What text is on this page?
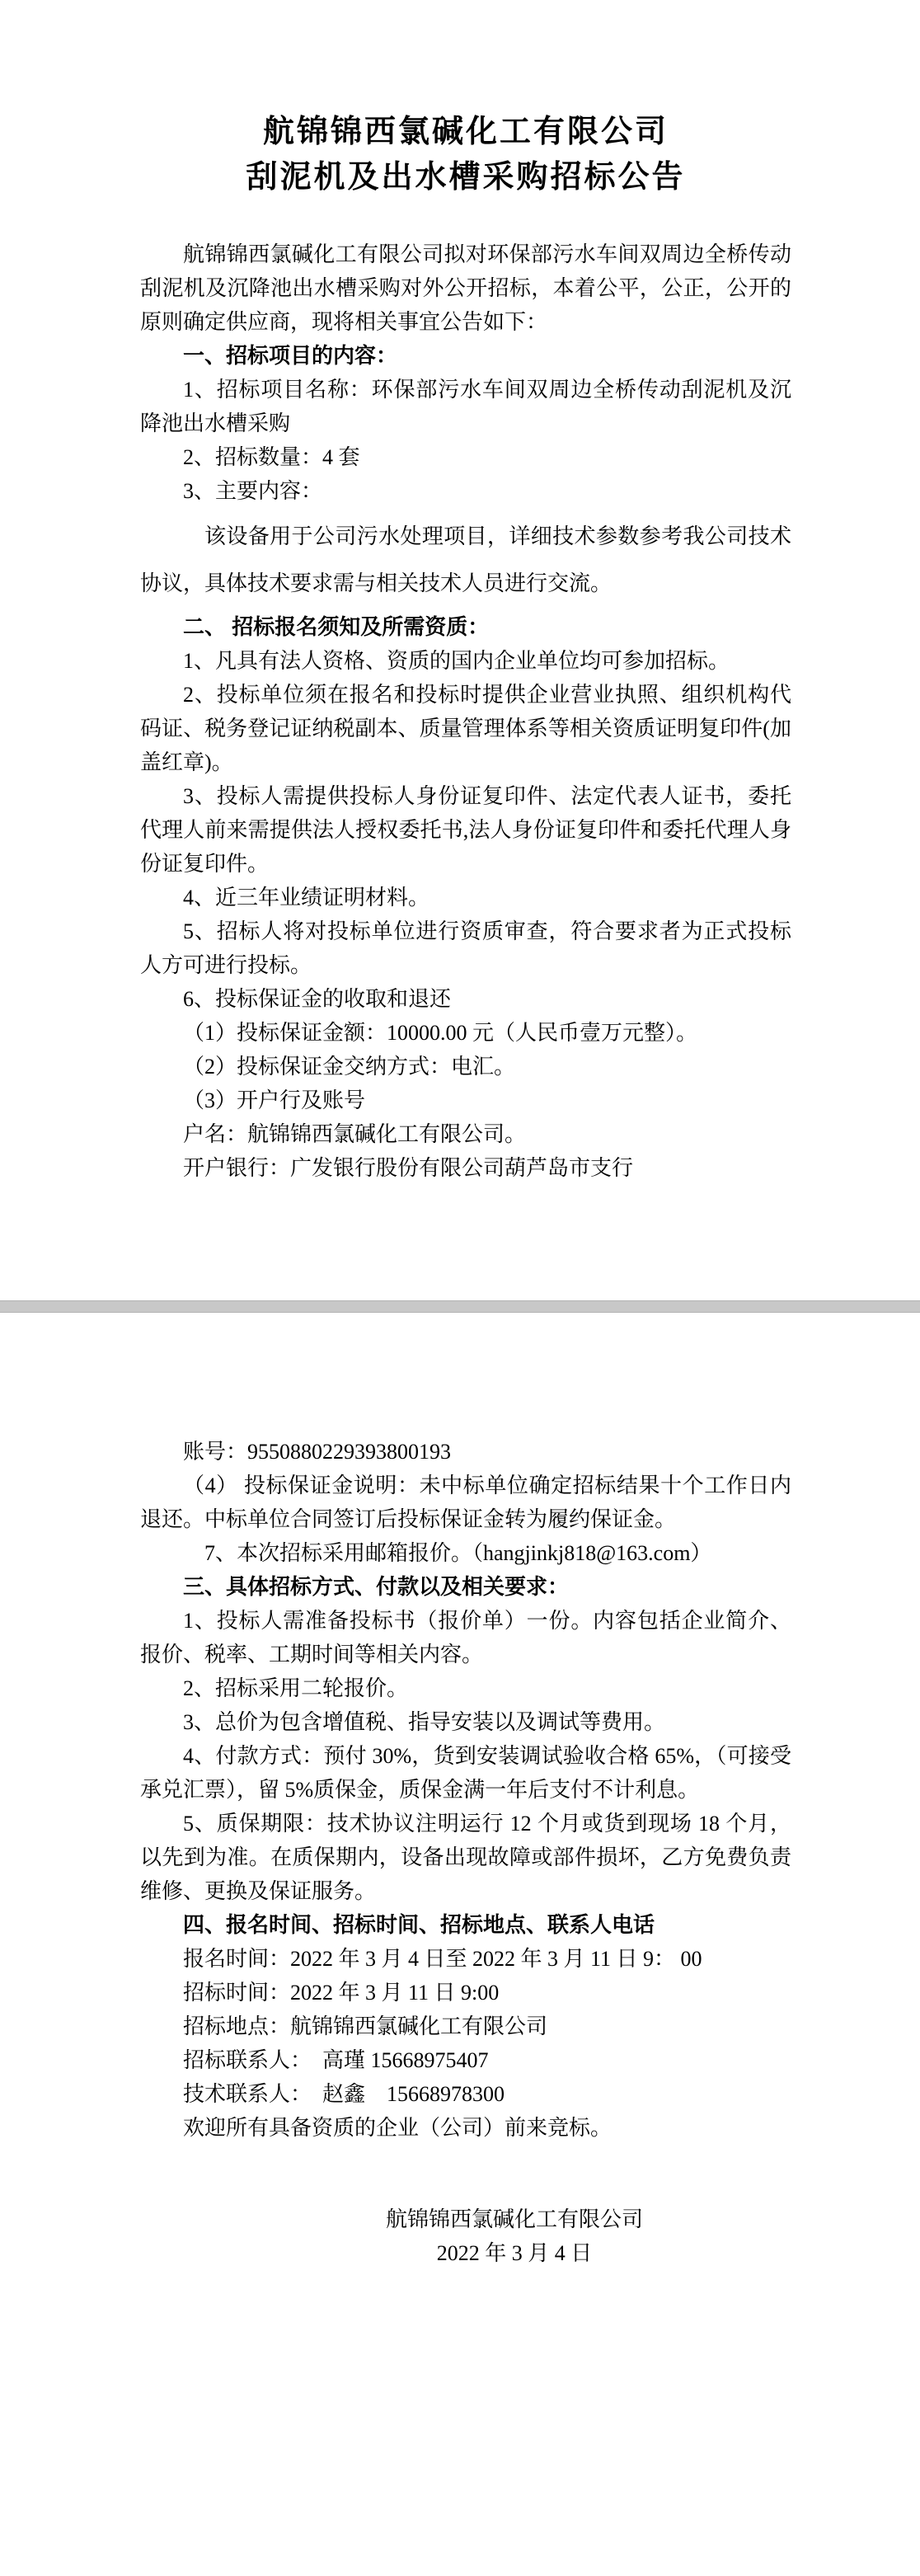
航锦锦西氯碱化工有限公司
刮泥机及出水槽采购招标公告

航锦锦西氯碱化工有限公司拟对环保部污水车间双周边全桥传动刮泥机及沉降池出水槽采购对外公开招标，本着公平，公正，公开的原则确定供应商，现将相关事宜公告如下：

一、招标项目的内容：

1、招标项目名称：环保部污水车间双周边全桥传动刮泥机及沉降池出水槽采购

2、招标数量：4 套

3、主要内容：

该设备用于公司污水处理项目，详细技术参数参考我公司技术协议，具体技术要求需与相关技术人员进行交流。

二、 招标报名须知及所需资质：

1、凡具有法人资格、资质的国内企业单位均可参加招标。

2、投标单位须在报名和投标时提供企业营业执照、组织机构代码证、税务登记证纳税副本、质量管理体系等相关资质证明复印件(加盖红章)。

3、投标人需提供投标人身份证复印件、法定代表人证书，委托代理人前来需提供法人授权委托书,法人身份证复印件和委托代理人身份证复印件。

4、近三年业绩证明材料。

5、招标人将对投标单位进行资质审查，符合要求者为正式投标人方可进行投标。

6、投标保证金的收取和退还

（1）投标保证金额：10000.00 元（人民币壹万元整）。

（2）投标保证金交纳方式：电汇。

（3）开户行及账号

户名：航锦锦西氯碱化工有限公司。

开户银行：广发银行股份有限公司葫芦岛市支行

账号：9550880229393800193

（4） 投标保证金说明：未中标单位确定招标结果十个工作日内退还。中标单位合同签订后投标保证金转为履约保证金。

7、本次招标采用邮箱报价。（hangjinkj818@163.com）

三、具体招标方式、付款以及相关要求：

1、投标人需准备投标书（报价单）一份。内容包括企业简介、报价、税率、工期时间等相关内容。

2、招标采用二轮报价。

3、总价为包含增值税、指导安装以及调试等费用。

4、付款方式：预付 30%，货到安装调试验收合格 65%，（可接受承兑汇票），留 5%质保金，质保金满一年后支付不计利息。

5、质保期限：技术协议注明运行 12 个月或货到现场 18 个月，以先到为准。在质保期内，设备出现故障或部件损坏，乙方免费负责维修、更换及保证服务。

四、报名时间、招标时间、招标地点、联系人电话

报名时间：2022 年 3 月 4 日至 2022 年 3 月 11 日 9： 00

招标时间：2022 年 3 月 11 日 9:00

招标地点：航锦锦西氯碱化工有限公司

招标联系人：　高瑾 15668975407

技术联系人：　赵鑫　15668978300

欢迎所有具备资质的企业（公司）前来竞标。

航锦锦西氯碱化工有限公司

2022 年 3 月 4 日
